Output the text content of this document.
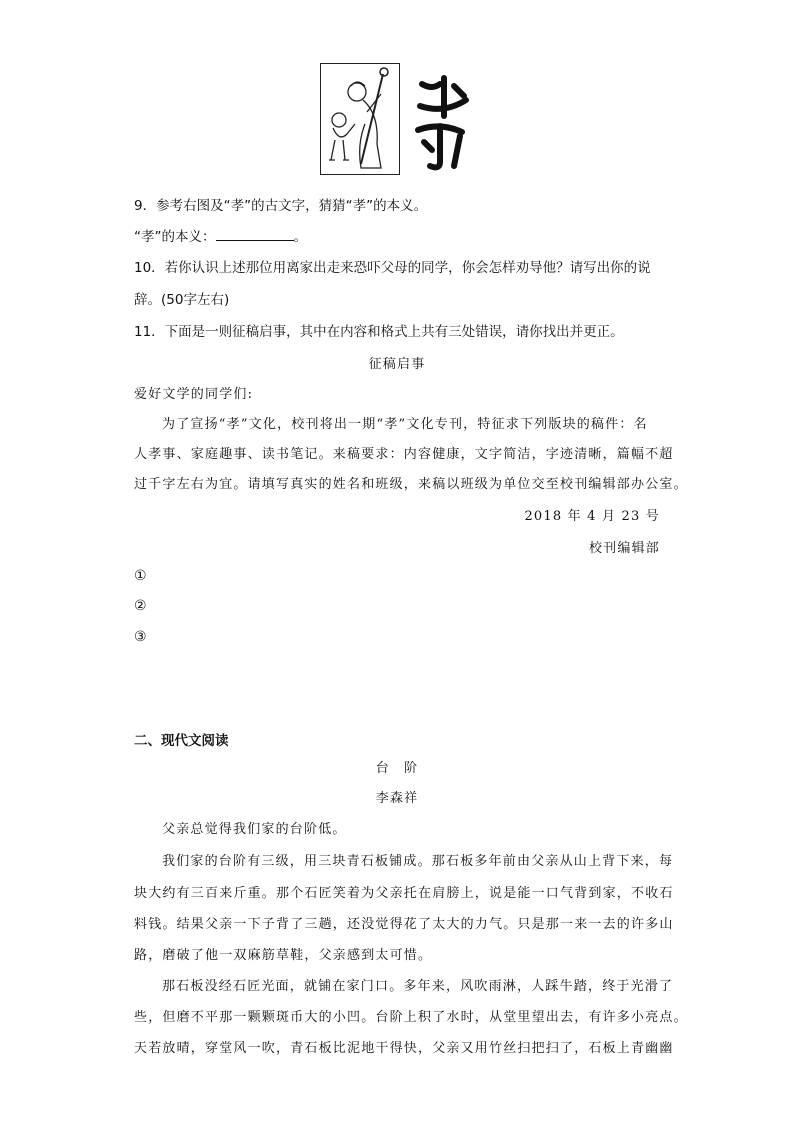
9．参考右图及“孝”的古文字，猜猜“孝”的本义。
“孝”的本义：	。
10．若你认识上述那位用离家出走来恐吓父母的同学，你会怎样劝导他？请写出你的说
辞。(50字左右)
11．下面是一则征稿启事，其中在内容和格式上共有三处错误，请你找出并更正。
征稿启事
爱好文学的同学们:
为了宣扬“孝”文化，校刊将出一期“孝”文化专刊，特征求下列版块的稿件：名
人孝事、家庭趣事、读书笔记。来稿要求：内容健康，文字简洁，字迹清晰，篇幅不超
过千字左右为宜。请填写真实的姓名和班级，来稿以班级为单位交至校刊编辑部办公室。
2018 年 4 月 23 号
校刊编辑部
①
②
③
二、现代文阅读
台　阶
李森祥
父亲总觉得我们家的台阶低。
我们家的台阶有三级，用三块青石板铺成。那石板多年前由父亲从山上背下来，每
块大约有三百来斤重。那个石匠笑着为父亲托在肩膀上，说是能一口气背到家，不收石
料钱。结果父亲一下子背了三趟，还没觉得花了太大的力气。只是那一来一去的许多山
路，磨破了他一双麻筋草鞋，父亲感到太可惜。
那石板没经石匠光面，就铺在家门口。多年来，风吹雨淋，人踩牛踏，终于光滑了
些，但磨不平那一颗颗斑币大的小凹。台阶上积了水时，从堂里望出去，有许多小亮点。
天若放晴，穿堂风一吹，青石板比泥地干得快，父亲又用竹丝扫把扫了，石板上青幽幽
